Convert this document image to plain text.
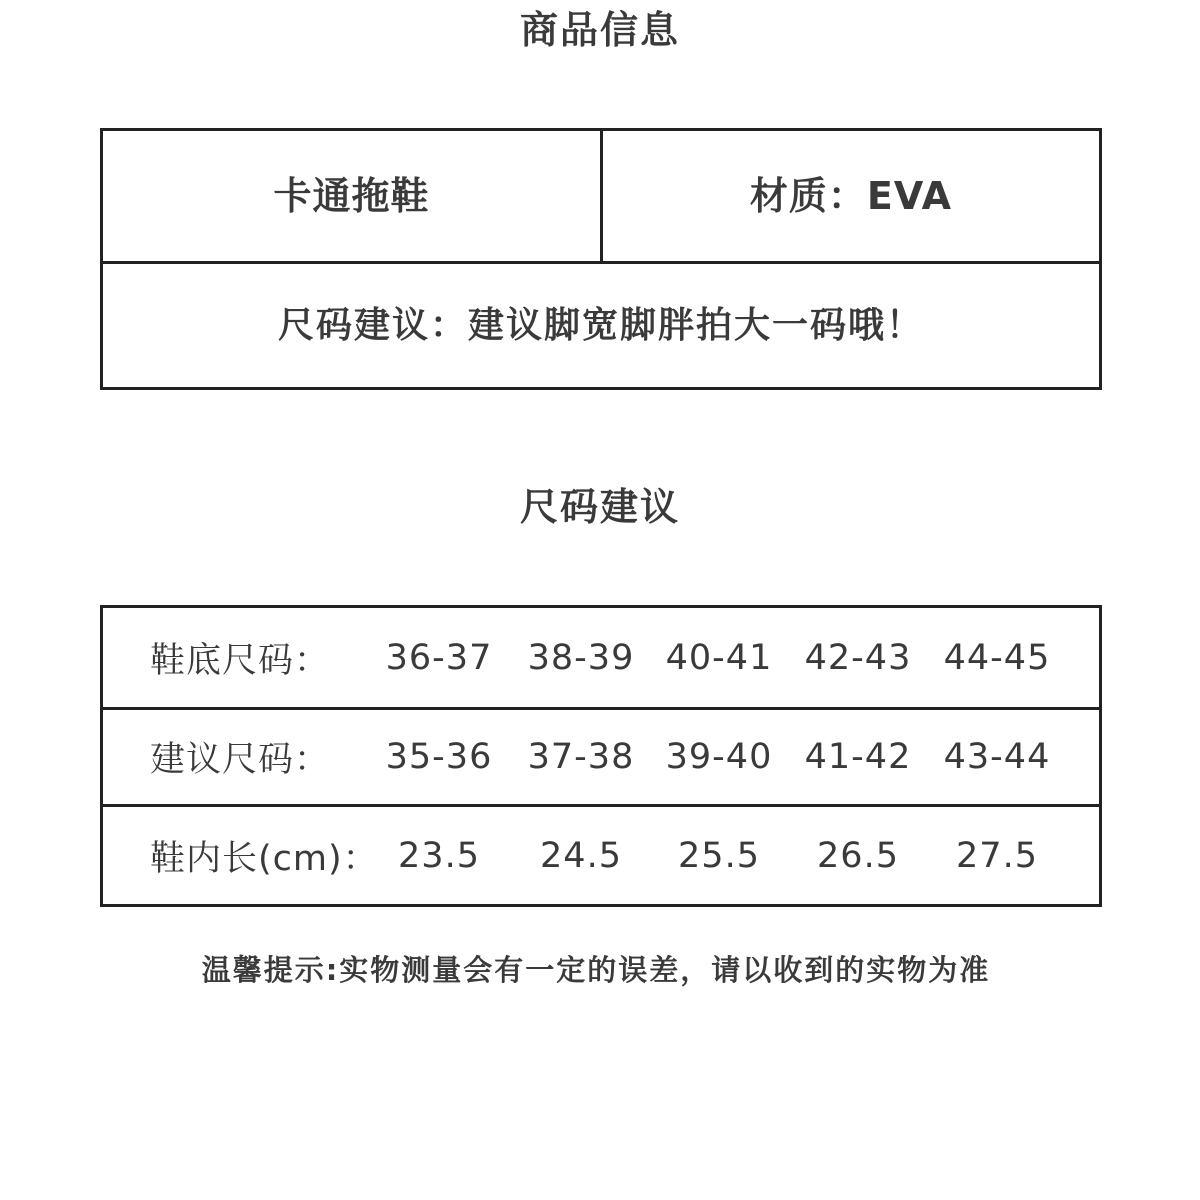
商品信息
卡通拖鞋	材质：EVA
尺码建议：建议脚宽脚胖拍大一码哦！
尺码建议
鞋底尺码：	36-37	38-39 40-41 42-43 44-45
建议尺码：	35-36	37-38 39-40 41-42 43-44
鞋内长(cm)： 23.5	24.5	25.5	26.5	27.5
温馨提示:实物测量会有一定的误差，请以收到的实物为准
